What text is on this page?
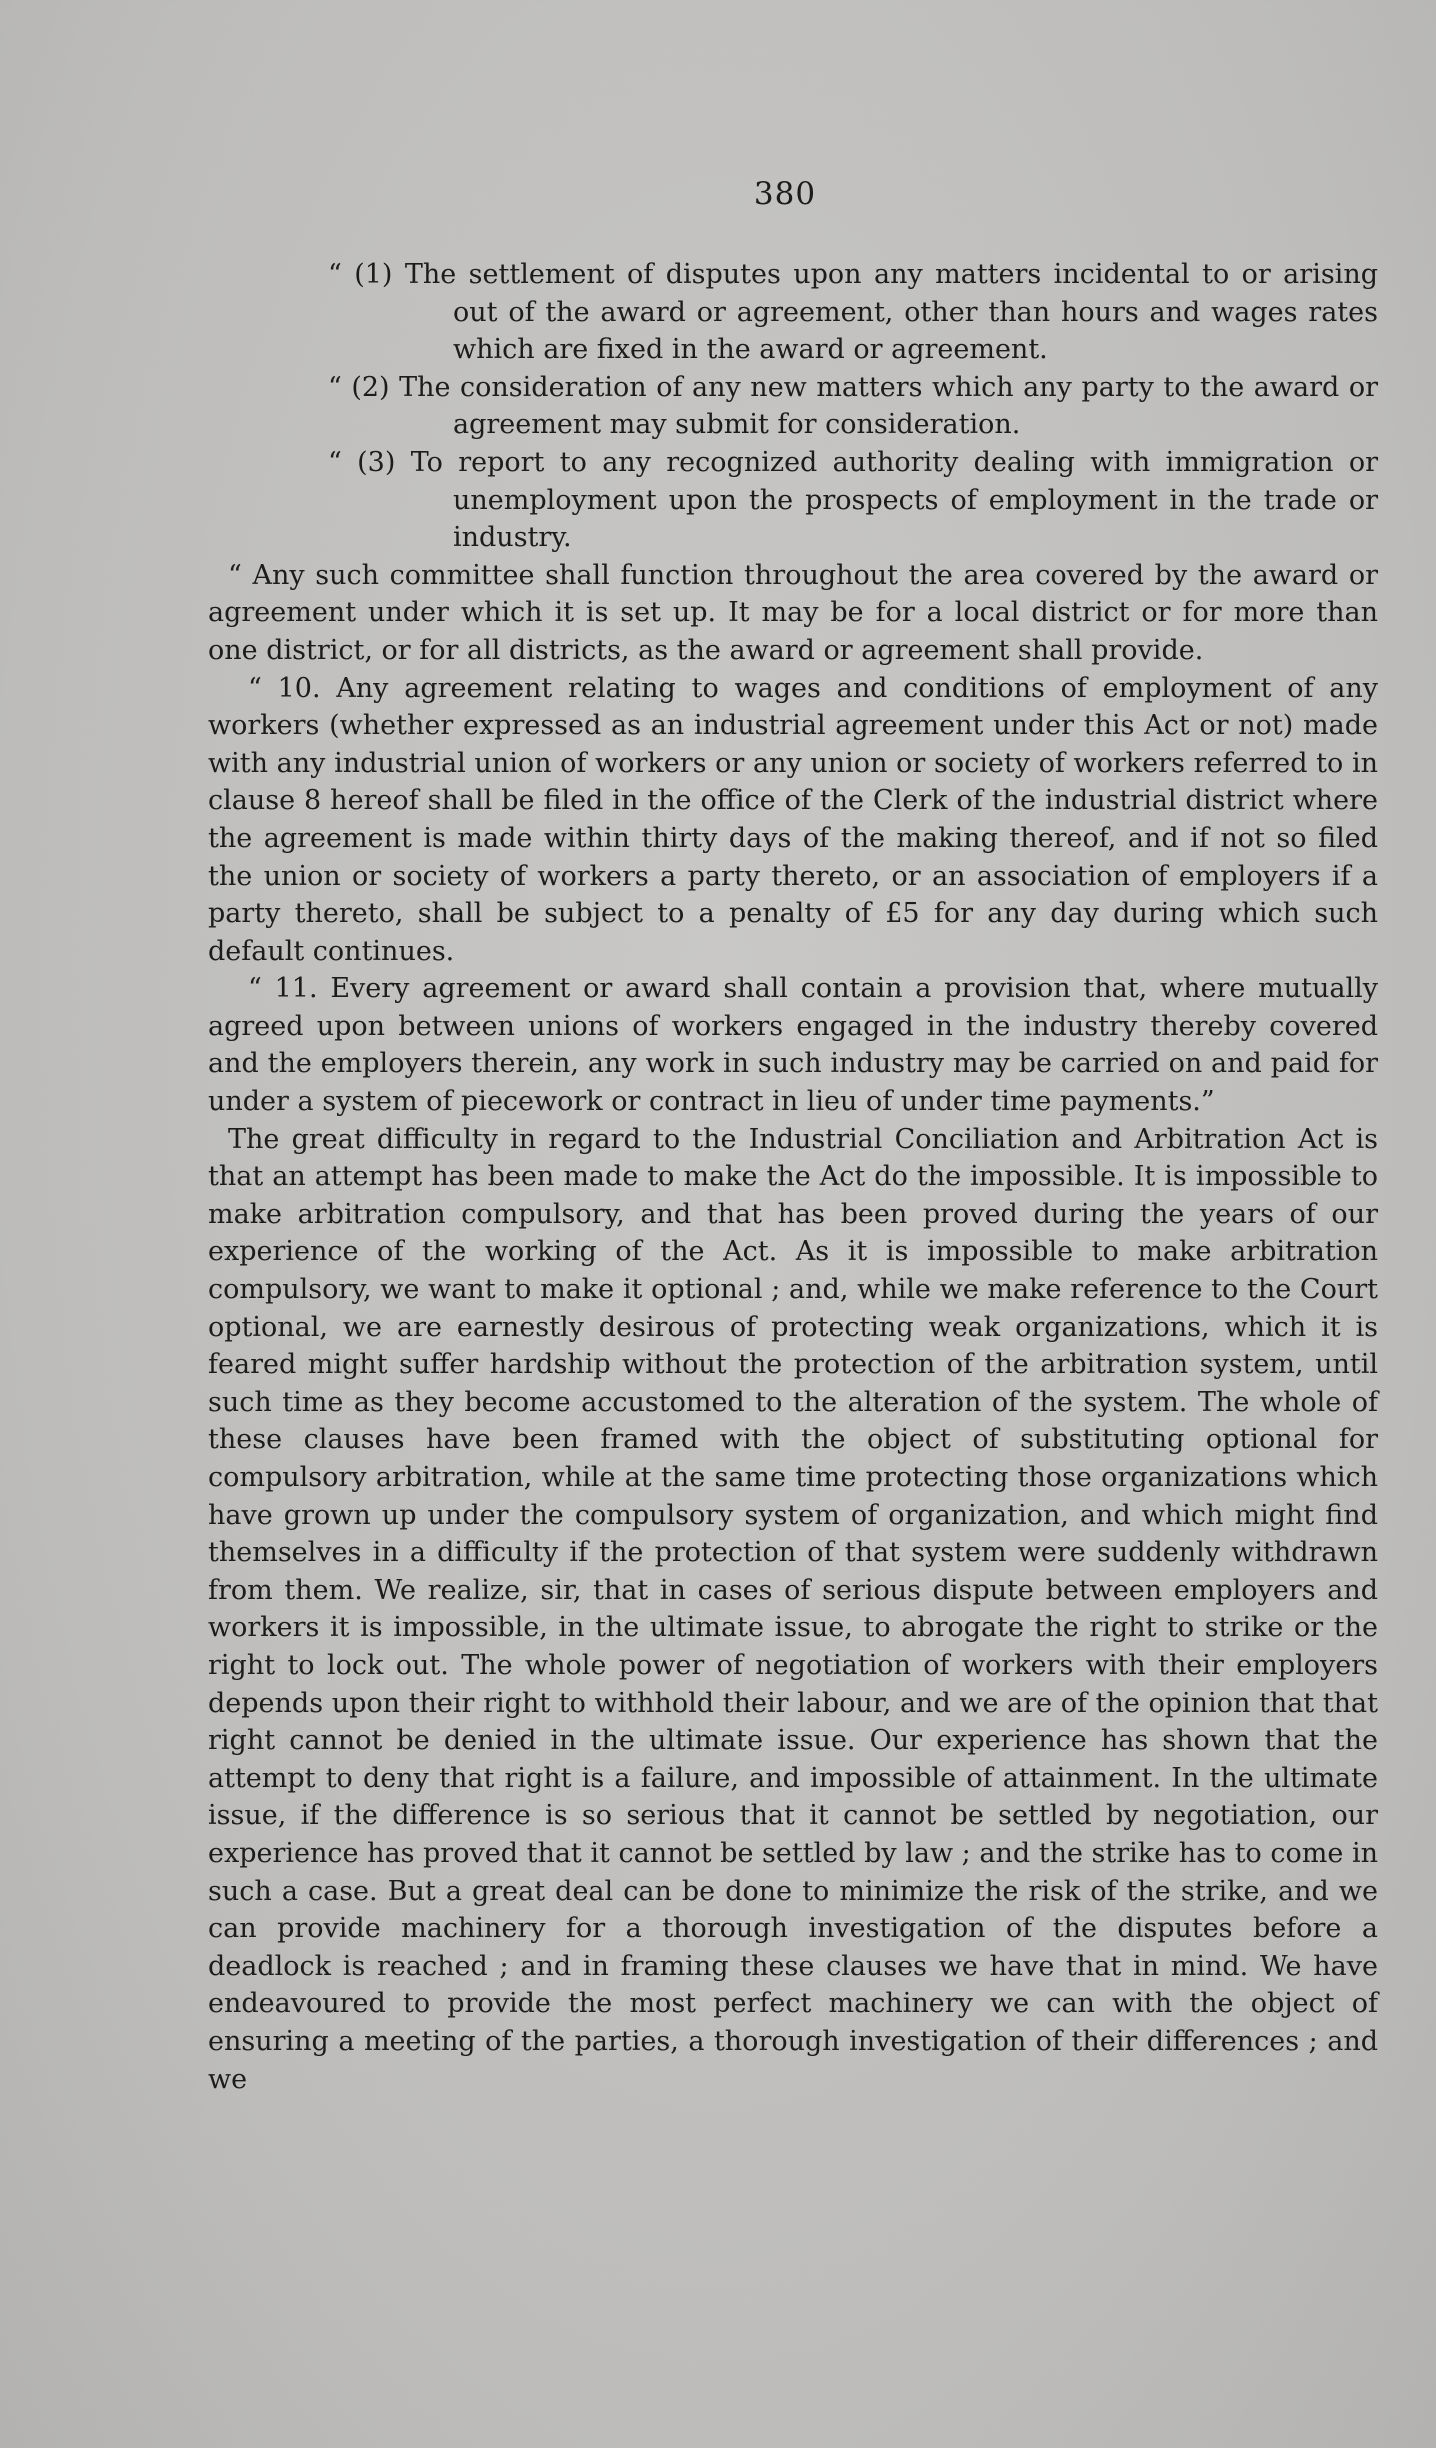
380

“ (1) The settlement of disputes upon any matters incidental to or arising out of the award or agreement, other than hours and wages rates which are fixed in the award or agreement.

“ (2) The consideration of any new matters which any party to the award or agreement may submit for consideration.

“ (3) To report to any recognized authority dealing with immigration or unemployment upon the prospects of employment in the trade or industry.

“ Any such committee shall function throughout the area covered by the award or agreement under which it is set up. It may be for a local district or for more than one district, or for all districts, as the award or agreement shall provide.

“ 10. Any agreement relating to wages and conditions of employment of any workers (whether expressed as an industrial agreement under this Act or not) made with any industrial union of workers or any union or society of workers referred to in clause 8 hereof shall be filed in the office of the Clerk of the industrial district where the agreement is made within thirty days of the making thereof, and if not so filed the union or society of workers a party thereto, or an association of employers if a party thereto, shall be subject to a penalty of £5 for any day during which such default continues.

“ 11. Every agreement or award shall contain a provision that, where mutually agreed upon between unions of workers engaged in the industry thereby covered and the employers therein, any work in such industry may be carried on and paid for under a system of piecework or contract in lieu of under time payments.”

The great difficulty in regard to the Industrial Conciliation and Arbitration Act is that an attempt has been made to make the Act do the impossible. It is impossible to make arbitration compulsory, and that has been proved during the years of our experience of the working of the Act. As it is impossible to make arbitration compulsory, we want to make it optional ; and, while we make reference to the Court optional, we are earnestly desirous of protecting weak organizations, which it is feared might suffer hardship without the protection of the arbitration system, until such time as they become accustomed to the alteration of the system. The whole of these clauses have been framed with the object of substituting optional for compulsory arbitration, while at the same time protecting those organizations which have grown up under the compulsory system of organization, and which might find themselves in a difficulty if the protection of that system were suddenly withdrawn from them. We realize, sir, that in cases of serious dispute between employers and workers it is impossible, in the ultimate issue, to abrogate the right to strike or the right to lock out. The whole power of negotiation of workers with their employers depends upon their right to withhold their labour, and we are of the opinion that that right cannot be denied in the ultimate issue. Our experience has shown that the attempt to deny that right is a failure, and impossible of attainment. In the ultimate issue, if the difference is so serious that it cannot be settled by negotiation, our experience has proved that it cannot be settled by law ; and the strike has to come in such a case. But a great deal can be done to minimize the risk of the strike, and we can provide machinery for a thorough investigation of the disputes before a deadlock is reached ; and in framing these clauses we have that in mind. We have endeavoured to provide the most perfect machinery we can with the object of ensuring a meeting of the parties, a thorough investigation of their differences ; and we
